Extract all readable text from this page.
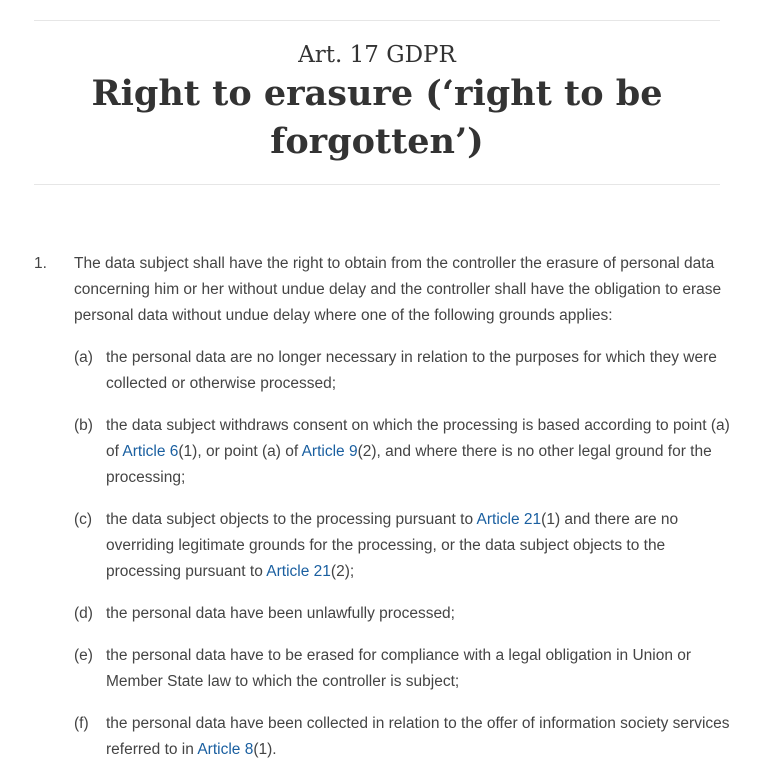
Art. 17 GDPR
Right to erasure (‘right to be forgotten’)
1. The data subject shall have the right to obtain from the controller the erasure of personal data concerning him or her without undue delay and the controller shall have the obligation to erase personal data without undue delay where one of the following grounds applies:

(a) the personal data are no longer necessary in relation to the purposes for which they were collected or otherwise processed;
(b) the data subject withdraws consent on which the processing is based according to point (a) of Article 6(1), or point (a) of Article 9(2), and where there is no other legal ground for the processing;
(c) the data subject objects to the processing pursuant to Article 21(1) and there are no overriding legitimate grounds for the processing, or the data subject objects to the processing pursuant to Article 21(2);
(d) the personal data have been unlawfully processed;
(e) the personal data have to be erased for compliance with a legal obligation in Union or Member State law to which the controller is subject;
(f) the personal data have been collected in relation to the offer of information society services referred to in Article 8(1).
